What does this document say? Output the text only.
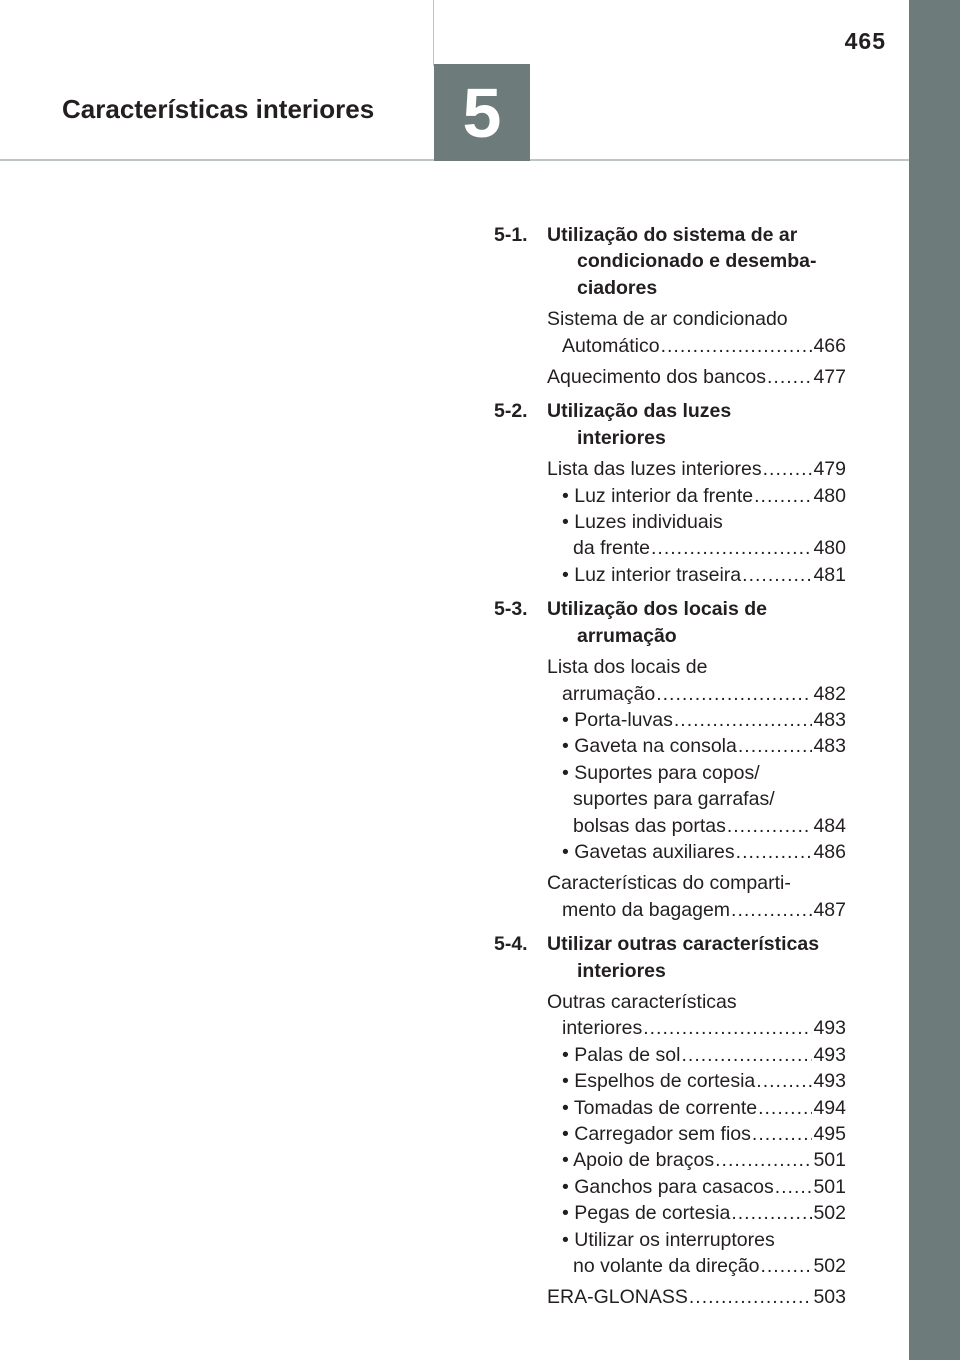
5
465
Características interiores
5-1. Utilização do sistema de ar
condicionado e desemba-
ciadores
Sistema de ar condicionado
Automático .....	466
Aquecimento dos bancos ..... 477
5-2. Utilização das luzes
interiores
Lista das luzes interiores .....	479
• Luz interior da frente .....	480
• Luzes individuais
da frente .....	480
• Luz interior traseira .....	481
5-3. Utilização dos locais de
arrumação
Lista dos locais de
arrumação .....	482
• Porta-luvas .....	483
• Gaveta na consola .....	483
• Suportes para copos/
suportes para garrafas/
bolsas das portas .....	484
• Gavetas auxiliares .....	486
Características do comparti-
mento da bagagem .....	487
5-4. Utilizar outras características
interiores
Outras características
interiores .....	493
• Palas de sol .....	493
• Espelhos de cortesia .....	493
• Tomadas de corrente .....	494
• Carregador sem fios .....	495
• Apoio de braços .....	501
• Ganchos para casacos ..... 501
• Pegas de cortesia .....	502
• Utilizar os interruptores
no volante da direção .....	502
ERA-GLONASS .....	503
